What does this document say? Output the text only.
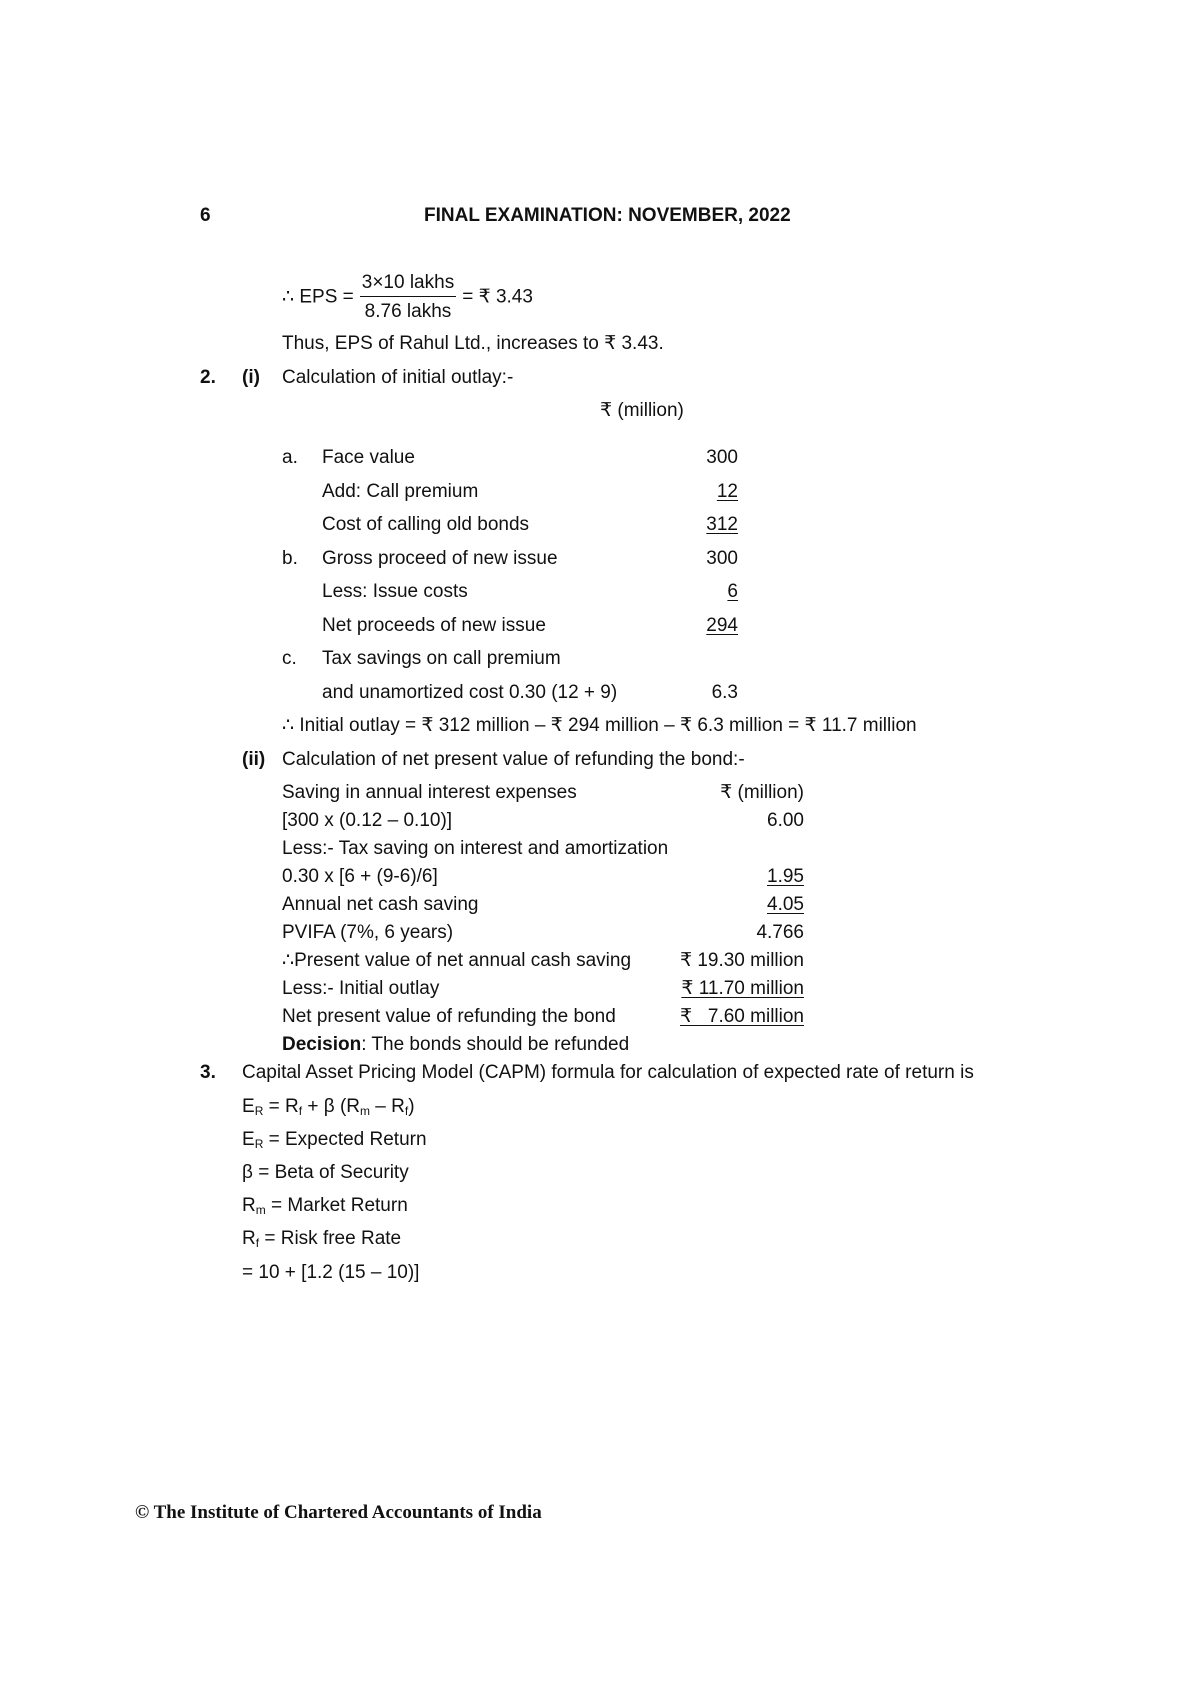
6	FINAL EXAMINATION: NOVEMBER, 2022
∴ EPS = $\frac{\text{3×10 lakhs}}{\text{8.76 lakhs}}$ = ₹ 3.43
Thus, EPS of Rahul Ltd., increases to ₹ 3.43.
2. (i) Calculation of initial outlay:-
₹ (million)
a. Face value	300
Add: Call premium	12
Cost of calling old bonds	312
b. Gross proceed of new issue	300
Less: Issue costs	6
Net proceeds of new issue	294
c. Tax savings on call premium
and unamortized cost 0.30 (12 + 9)	6.3
∴ Initial outlay = ₹ 312 million – ₹ 294 million – ₹ 6.3 million = ₹ 11.7 million
(ii) Calculation of net present value of refunding the bond:-
₹ (million)
Saving in annual interest expenses
[300 x (0.12 – 0.10)]	6.00
Less:- Tax saving on interest and amortization
0.30 x [6 + (9-6)/6]	1.95
Annual net cash saving	4.05
PVIFA (7%, 6 years)	4.766
∴Present value of net annual cash saving	₹ 19.30 million
Less:- Initial outlay	₹ 11.70 million
Net present value of refunding the bond	₹   7.60 million
Decision: The bonds should be refunded
3. Capital Asset Pricing Model (CAPM) formula for calculation of expected rate of return is
$E_R = R_f + \beta$ $(R_m - R_f)$
$E_R$ = Expected Return
β = Beta of Security
$R_m$ = Market Return
$R_f$ = Risk free Rate
= 10 + [1.2 (15 – 10)]
© The Institute of Chartered Accountants of India
